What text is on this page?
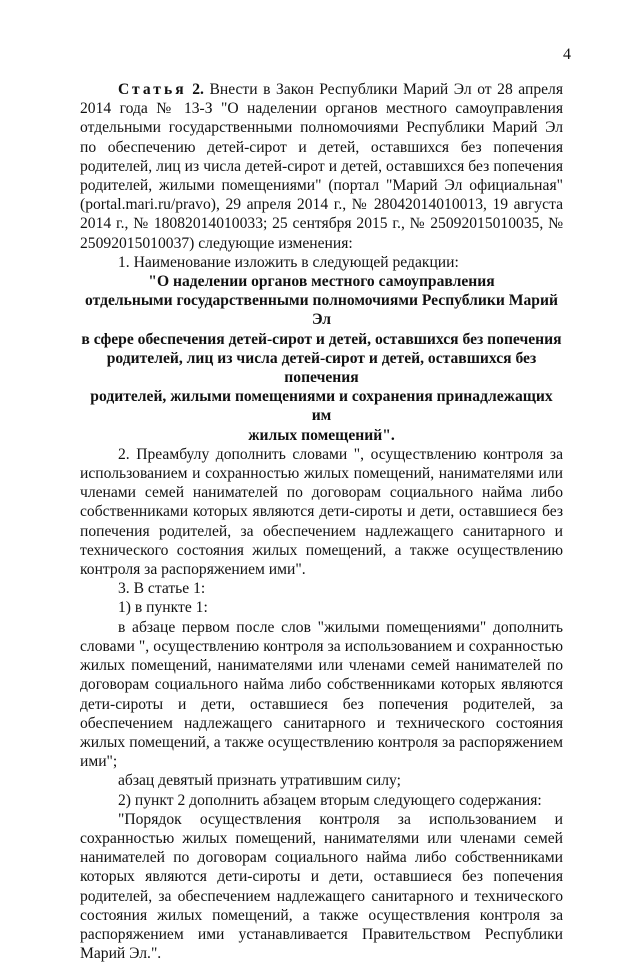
4

Статья 2. Внести в Закон Республики Марий Эл от 28 апреля 2014 года № 13-З "О наделении органов местного самоуправления отдельными государственными полномочиями Республики Марий Эл по обеспечению детей-сирот и детей, оставшихся без попечения родителей, лиц из числа детей-сирот и детей, оставшихся без попечения родителей, жилыми помещениями" (портал "Марий Эл официальная" (portal.mari.ru/pravo), 29 апреля 2014 г., № 28042014010013, 19 августа 2014 г., № 18082014010033; 25 сентября 2015 г., № 25092015010035, № 25092015010037) следующие изменения:

1. Наименование изложить в следующей редакции:

"О наделении органов местного самоуправления

отдельными государственными полномочиями Республики Марий Эл

в сфере обеспечения детей-сирот и детей, оставшихся без попечения

родителей, лиц из числа детей-сирот и детей, оставшихся без попечения

родителей, жилыми помещениями и сохранения принадлежащих им

жилых помещений".

2. Преамбулу дополнить словами ", осуществлению контроля за использованием и сохранностью жилых помещений, нанимателями или членами семей нанимателей по договорам социального найма либо собственниками которых являются дети-сироты и дети, оставшиеся без попечения родителей, за обеспечением надлежащего санитарного и технического состояния жилых помещений, а также осуществлению контроля за распоряжением ими".

3. В статье 1:

1) в пункте 1:

в абзаце первом после слов "жилыми помещениями" дополнить словами ", осуществлению контроля за использованием и сохранностью жилых помещений, нанимателями или членами семей нанимателей по договорам социального найма либо собственниками которых являются дети-сироты и дети, оставшиеся без попечения родителей, за обеспечением надлежащего санитарного и технического состояния жилых помещений, а также осуществлению контроля за распоряжением ими";

абзац девятый признать утратившим силу;

2) пункт 2 дополнить абзацем вторым следующего содержания:

"Порядок осуществления контроля за использованием и сохранностью жилых помещений, нанимателями или членами семей нанимателей по договорам социального найма либо собственниками которых являются дети-сироты и дети, оставшиеся без попечения родителей, за обеспечением надлежащего санитарного и технического состояния жилых помещений, а также осуществления контроля за распоряжением ими устанавливается Правительством Республики Марий Эл.".
